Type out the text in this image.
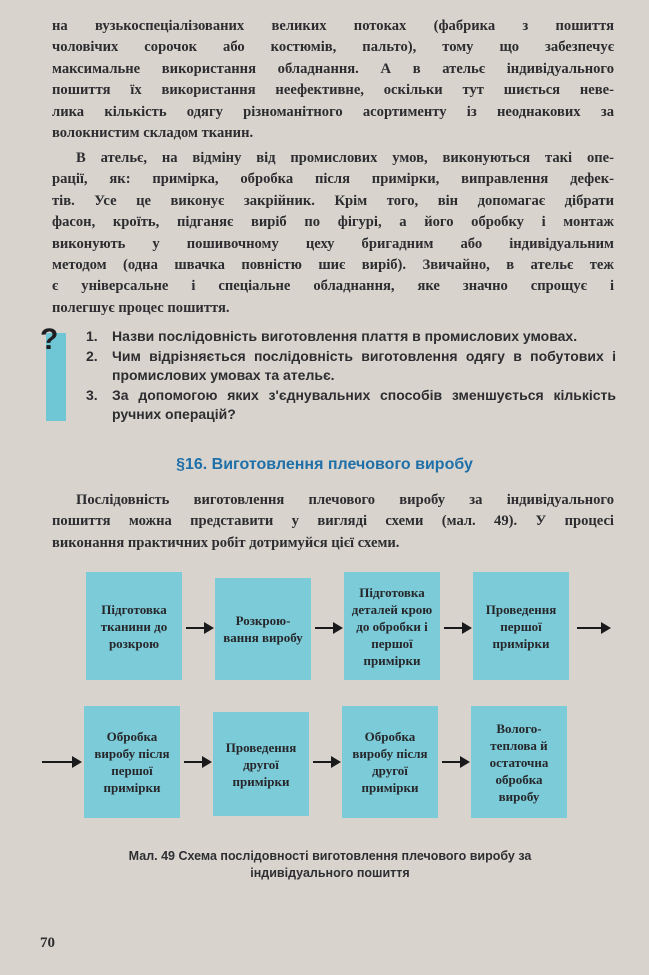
на вузькоспеціалізованих великих потоках (фабрика з пошиття
чоловічих сорочок або костюмів, пальто), тому що забезпечує
максимальне використання обладнання. А в ательє індивідуального
пошиття їх використання неефективне, оскільки тут шиється неве-
лика кількість одягу різноманітного асортименту із неоднакових за
волокнистим складом тканин.
В ательє, на відміну від промислових умов, виконуються такі опе-
рації, як: примірка, обробка після примірки, виправлення дефек-
тів. Усе це виконує закрійник. Крім того, він допомагає дібрати
фасон, кроїть, підганяє виріб по фігурі, а його обробку і монтаж
виконують у пошивочному цеху бригадним або індивідуальним
методом (одна швачка повністю шиє виріб). Звичайно, в ательє теж
є універсальне і спеціальне обладнання, яке значно спрощує і
полегшує процес пошиття.
? 1. Назви послідовність виготовлення плаття в промислових умовах.
2. Чим відрізняється послідовність виготовлення одягу в побутових і
промислових умовах та ательє.
3. За допомогою яких з'єднувальних способів зменшується кількість
ручних операцій?
§16. Виготовлення плечового виробу
Послідовність виготовлення плечового виробу за індивідуального
пошиття можна представити у вигляді схеми (мал. 49). У процесі
виконання практичних робіт дотримуйся цієї схеми.
Підготовка тканини до розкрою
Розкрою-вання виробу
Підготовка деталей крою до обробки і першої примірки
Проведення першої примірки
Обробка виробу після першої примірки
Проведення другої примірки
Обробка виробу після другої примірки
Волого-теплова й остаточна обробка виробу
Мал. 49 Схема послідовності виготовлення плечового виробу за
індивідуального пошиття
70
